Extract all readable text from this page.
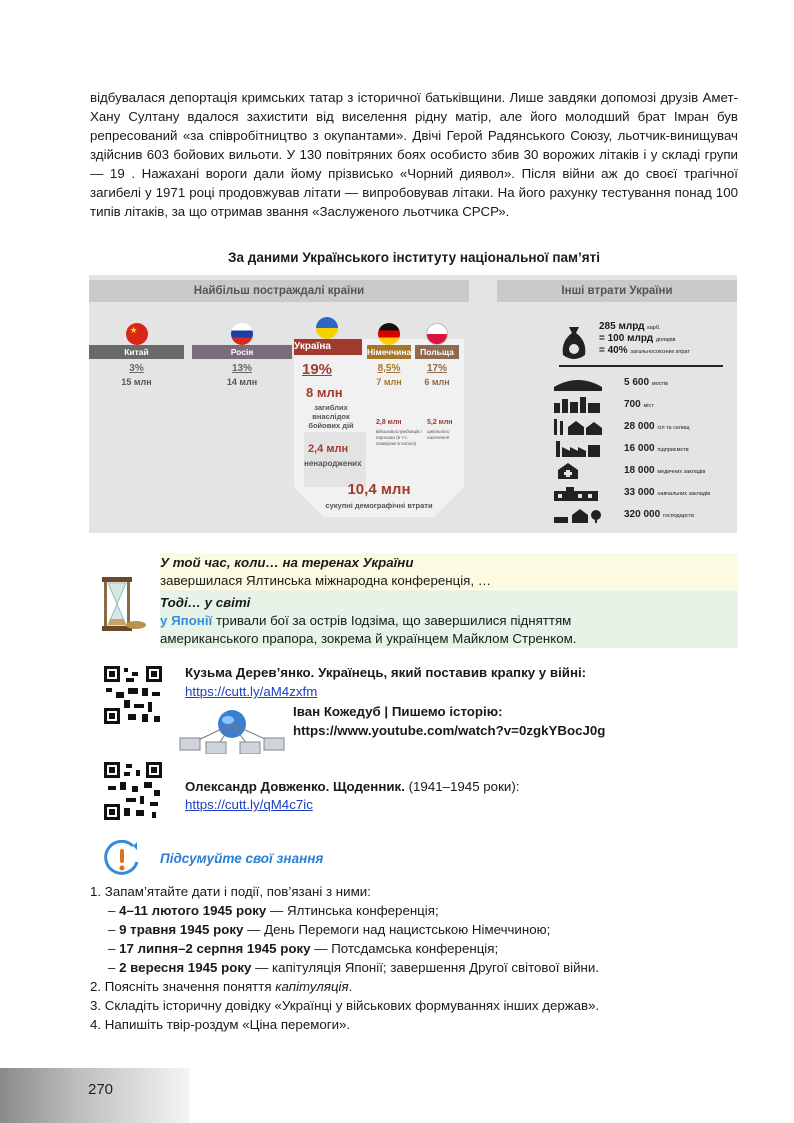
відбувалася депортація кримських татар з історичної батьківщини. Лише завдяки допомозі друзів Амет-Хану Султану вдалося захистити від виселення рідну матір, але його молодший брат Імран був репресований «за співробітництво з окупантами». Двічі Герой Радянського Союзу, льотчик-винищувач здійснив 603 бойових вильоти. У 130 повітряних боях особисто збив 30 ворожих літаків і у складі групи — 19 . Нажахані вороги дали йому прізвисько «Чорний диявол». Після війни аж до своєї трагічної загибелі у 1971 році продовжував літати — випробовував літаки. На його рахунку тестування понад 100 типів літаків, за що отримав звання «Заслуженого льотчика СРСР».

За даними Українського інституту національної пам’яті
Найбільш постраждалі країни	Інші втрати України
★
Китай
3%
15 млн
Росія
13%
14 млн
Україна
19%
8 млн
загиблих внаслідок бойових дій
2,4 млн
ненароджених
2,8 млн
військовослужбовців і партизан (в т.ч. померлих в полоні)
5,2 млн
цивільного населення
10,4 млн
сукупні демографічні втрати
Німеччина
8,5%
7 млн
Польща
17%
6 млн
285 млрд карб.
= 100 млрд доларів
= 40% загальносоюзних втрат
5 600 мостів
700 міст
28 000 сіл та селищ
16 000 підприємств
18 000 медичних закладів
33 000 навчальних закладів
320 000 господарств
У той час, коли… на теренах України
завершилася Ялтинська міжнародна конференція, …
Тоді… у світі
у Японії тривали бої за острів Іодзіма, що завершилися підняттям
американського прапора, зокрема й українцем Майклом Стренком.
Кузьма Дерев’янко. Українець, який поставив крапку у війні:
https://cutt.ly/aM4zxfm
Іван Кожедуб | Пишемо історію:
https://www.youtube.com/watch?v=0zgkYBocJ0g
Олександр Довженко. Щоденник. (1941–1945 роки):
https://cutt.ly/qM4c7ic
Підсумуйте свої знання
1. Запам’ятайте дати і події, пов’язані з ними:
– 4–11 лютого 1945 року — Ялтинська конференція;
– 9 травня 1945 року — День Перемоги над нацистською Німеччиною;
– 17 липня–2 серпня 1945 року — Потсдамська конференція;
– 2 вересня 1945 року — капітуляція Японії; завершення Другої світової війни.
2. Поясніть значення поняття капітуляція.
3. Складіть історичну довідку «Українці у військових формуваннях інших держав».
4. Напишіть твір-роздум «Ціна перемоги».
270
